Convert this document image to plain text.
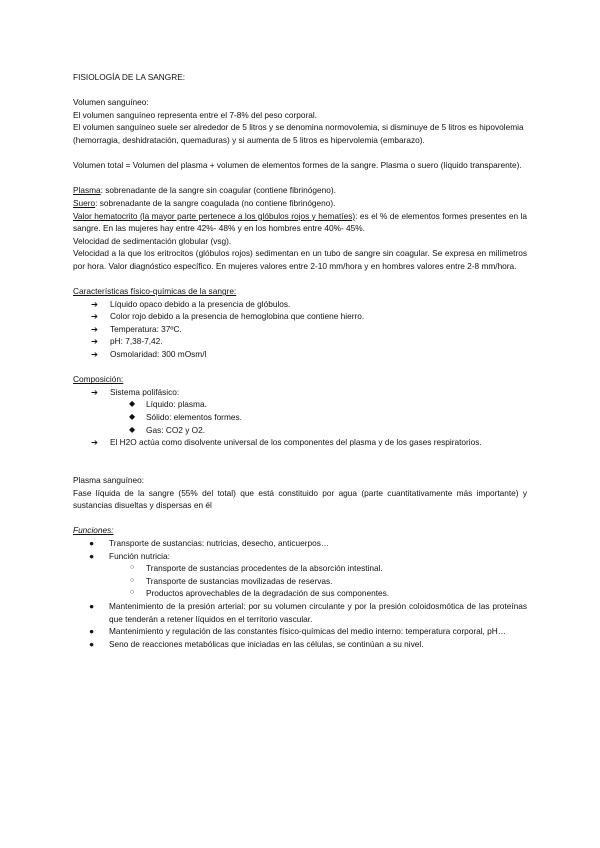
FISIOLOGÍA DE LA SANGRE:

Volumen sanguíneo:

El volumen sanguíneo representa entre el 7-8% del peso corporal.

El volumen sanguíneo suele ser alrededor de 5 litros y se denomina normovolemia, si disminuye de 5 litros es hipovolemia (hemorragia, deshidratación, quemaduras) y si aumenta de 5 litros es hipervolemia (embarazo).

Volumen total = Volumen del plasma + volumen de elementos formes de la sangre. Plasma o suero (líquido transparente).

Plasma: sobrenadante de la sangre sin coagular (contiene fibrinógeno).

Suero: sobrenadante de la sangre coagulada (no contiene fibrinógeno).

Valor hematocrito (la mayor parte pertenece a los glóbulos rojos y hematíes): es el % de elementos formes presentes en la sangre. En las mujeres hay entre 42%- 48% y en los hombres entre 40%- 45%.

Velocidad de sedimentación globular (vsg).

Velocidad a la que los eritrocitos (glóbulos rojos) sedimentan en un tubo de sangre sin coagular. Se expresa en milímetros por hora. Valor diagnóstico específico. En mujeres valores entre 2-10 mm/hora y en hombres valores entre 2-8 mm/hora.

Características físico-químicas de la sangre:

➔ Líquido opaco debido a la presencia de glóbulos.
➔ Color rojo debido a la presencia de hemoglobina que contiene hierro.
➔ Temperatura: 37ºC.
➔ pH: 7,38-7,42.
➔ Osmolaridad: 300 mOsm/l

Composición:

➔ Sistema polifásico:
◆ Líquido: plasma.
◆ Sólido: elementos formes.
◆ Gas: CO2 y O2.
➔ El H2O actúa como disolvente universal de los componentes del plasma y de los gases respiratorios.

Plasma sanguíneo:

Fase líquida de la sangre (55% del total) que está constituido por agua (parte cuantitativamente más importante) y sustancias disueltas y dispersas en él

Funciones:

● Transporte de sustancias: nutricias, desecho, anticuerpos…
● Función nutricia:
○ Transporte de sustancias procedentes de la absorción intestinal.
○ Transporte de sustancias movilizadas de reservas.
○ Productos aprovechables de la degradación de sus componentes.
● Mantenimiento de la presión arterial: por su volumen circulante y por la presión coloidosmótica de las proteínas que tenderán a retener líquidos en el territorio vascular.
● Mantenimiento y regulación de las constantes físico-químicas del medio interno: temperatura corporal, pH…
● Seno de reacciones metabólicas que iniciadas en las células, se continúan a su nivel.
